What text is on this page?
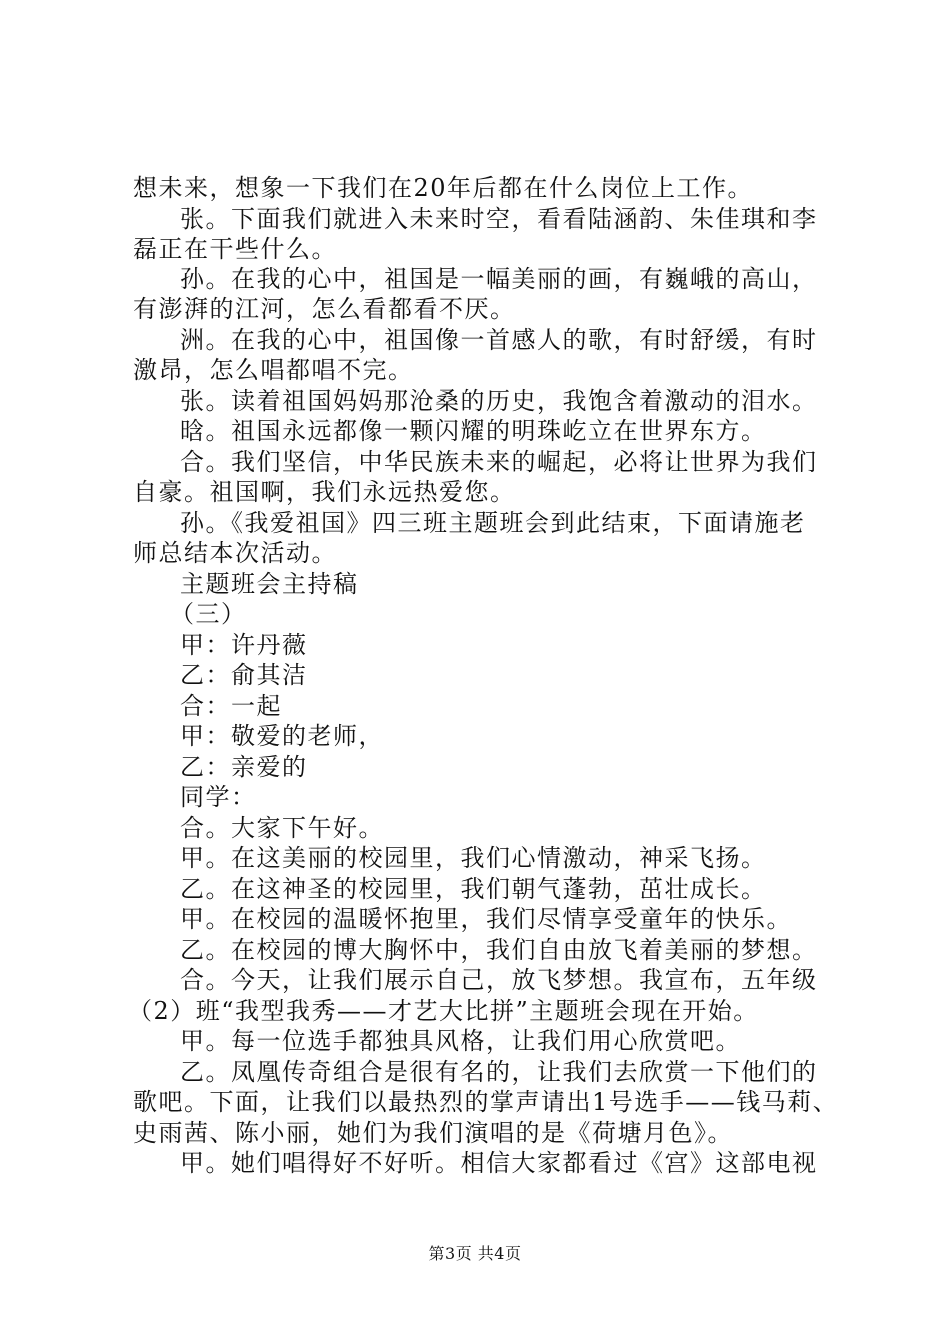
想未来，想象一下我们在20年后都在什么岗位上工作。
张。下面我们就进入未来时空，看看陆涵韵、朱佳琪和李
磊正在干些什么。
孙。在我的心中，祖国是一幅美丽的画，有巍峨的高山，
有澎湃的江河，怎么看都看不厌。
洲。在我的心中，祖国像一首感人的歌，有时舒缓，有时
激昂，怎么唱都唱不完。
张。读着祖国妈妈那沧桑的历史，我饱含着激动的泪水。
晗。祖国永远都像一颗闪耀的明珠屹立在世界东方。
合。我们坚信，中华民族未来的崛起，必将让世界为我们
自豪。祖国啊，我们永远热爱您。
孙。《我爱祖国》四三班主题班会到此结束，下面请施老
师总结本次活动。
主题班会主持稿
（三）
甲：许丹薇
乙：俞其洁
合：一起
甲：敬爱的老师，
乙：亲爱的
同学：
合。大家下午好。
甲。在这美丽的校园里，我们心情激动，神采飞扬。
乙。在这神圣的校园里，我们朝气蓬勃，茁壮成长。
甲。在校园的温暖怀抱里，我们尽情享受童年的快乐。
乙。在校园的博大胸怀中，我们自由放飞着美丽的梦想。
合。今天，让我们展示自己，放飞梦想。我宣布，五年级
（2）班“我型我秀——才艺大比拼”主题班会现在开始。
甲。每一位选手都独具风格，让我们用心欣赏吧。
乙。凤凰传奇组合是很有名的，让我们去欣赏一下他们的
歌吧。下面，让我们以最热烈的掌声请出1号选手——钱马莉、
史雨茜、陈小丽，她们为我们演唱的是《荷塘月色》。
甲。她们唱得好不好听。相信大家都看过《宫》这部电视
第3页 共4页
